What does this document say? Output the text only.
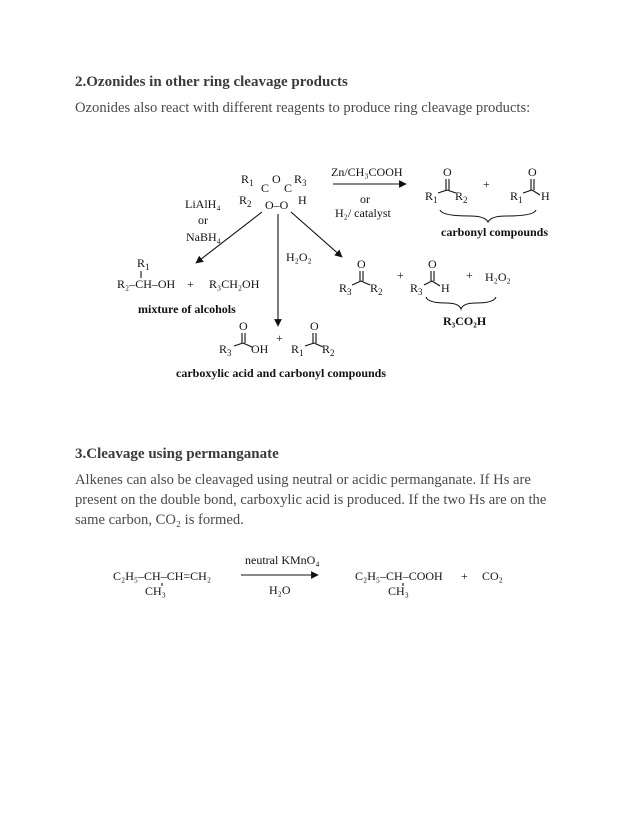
2.Ozonides in other ring cleavage products

Ozonides also react with different reagents to produce ring cleavage products:

$R_1$	$R_3$
$R_2$	H
C C
O
O–O
Zn/CH₃COOH
or
H₂/ catalyst
LiAlH₄
or
NaBH₄
H₂O₂
O
$R_1$ $R_2$
+
O
$R_1$ H
carbonyl compounds
$R_1$
R₂–CH–OH + R₃CH₂OH
mixture of alcohols
O
$R_3$ $R_2$
+
O
$R_3$ H
+ H₂O₂
R₃CO₂H
O
$R_3$ OH
+
O
$R_1$ $R_2$
carboxylic acid and carbonyl compounds
C₂H₅–CH–CH=CH₂
CH₃
neutral KMnO₄
H₂O
C₂H₅–CH–COOH
CH₃
+ CO₂
3.Cleavage using permanganate
Alkenes can also be cleavaged using neutral or acidic permanganate. If Hs are
present on the double bond, carboxylic acid is produced. If the two Hs are on the
same carbon, CO₂ is formed.
